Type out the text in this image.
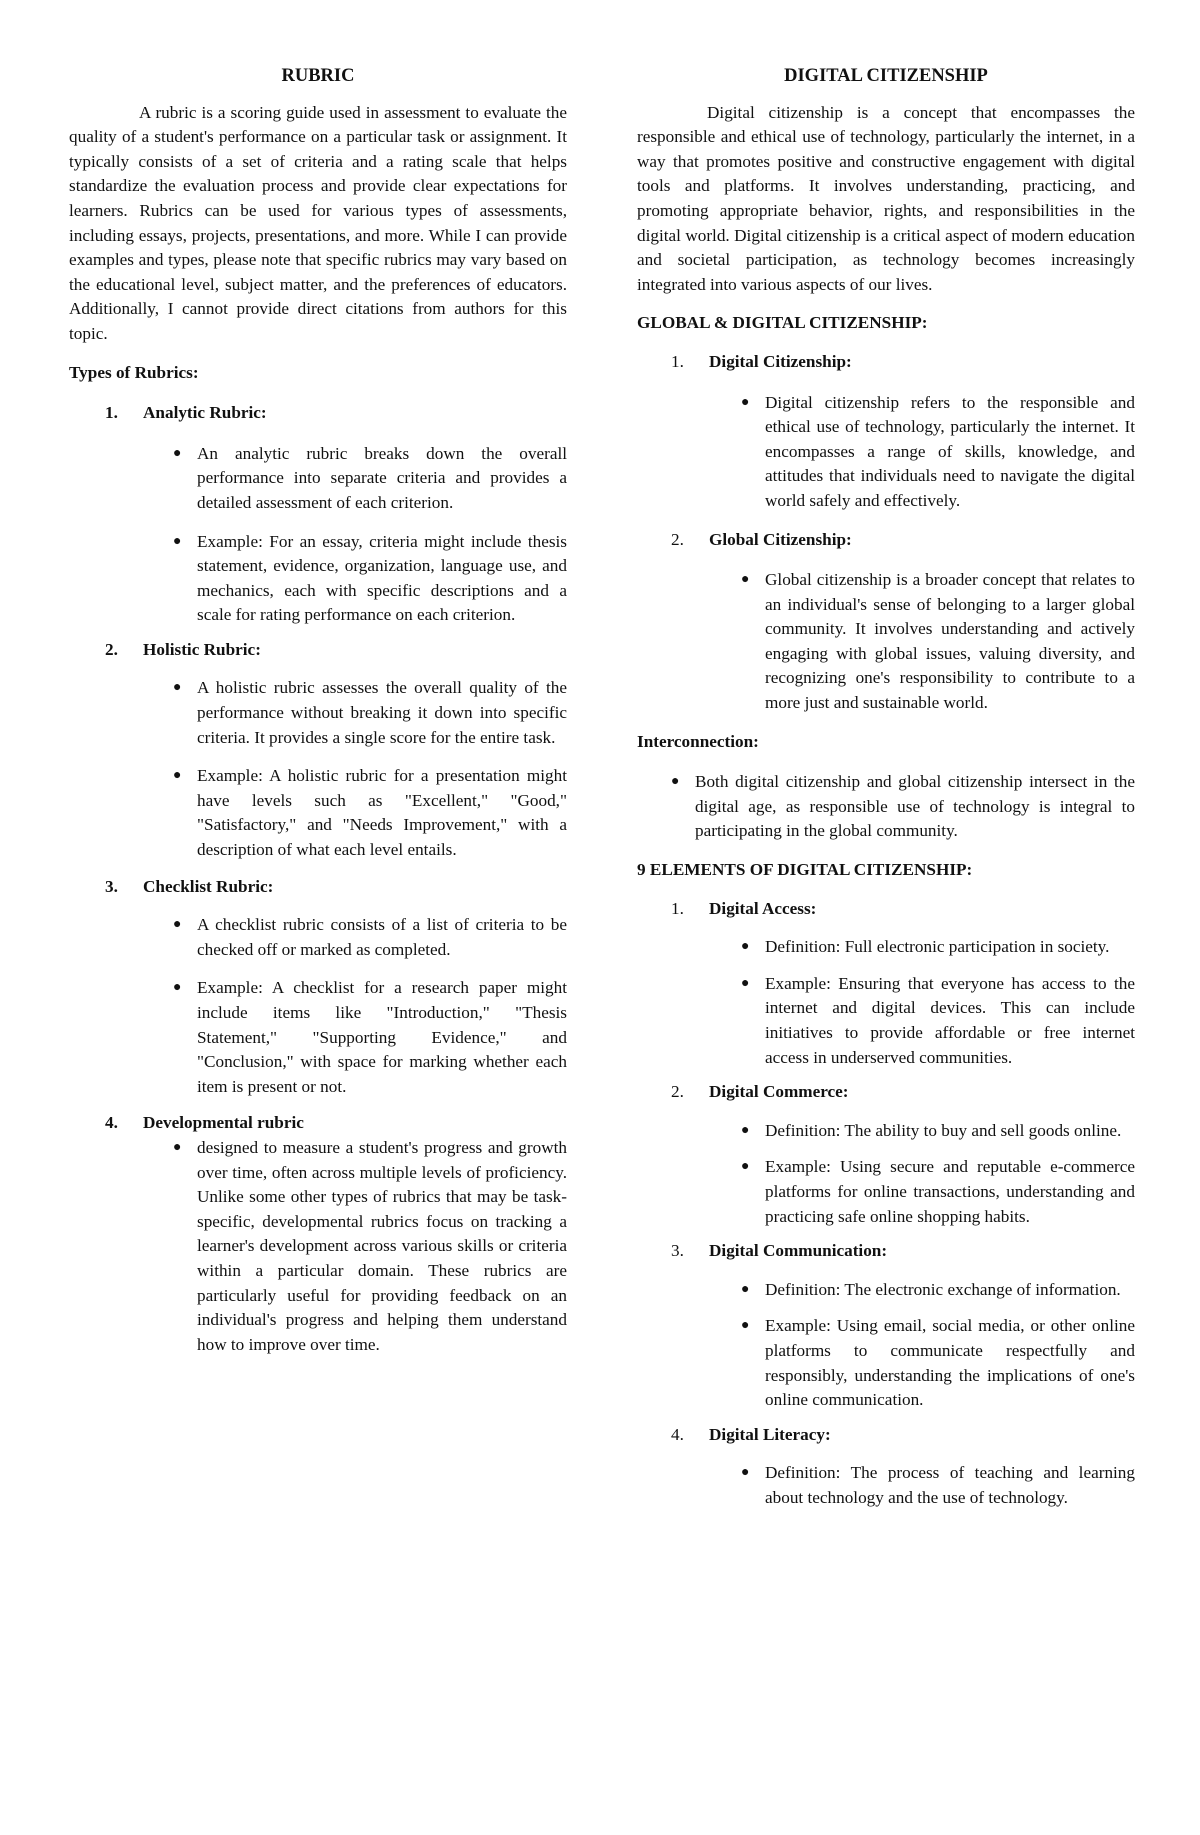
RUBRIC

A rubric is a scoring guide used in assessment to evaluate the quality of a student's performance on a particular task or assignment. It typically consists of a set of criteria and a rating scale that helps standardize the evaluation process and provide clear expectations for learners. Rubrics can be used for various types of assessments, including essays, projects, presentations, and more. While I can provide examples and types, please note that specific rubrics may vary based on the educational level, subject matter, and the preferences of educators. Additionally, I cannot provide direct citations from authors for this topic.

Types of Rubrics:

1.	Analytic Rubric:
● An analytic rubric breaks down the overall performance into separate criteria and provides a detailed assessment of each criterion.
● Example: For an essay, criteria might include thesis statement, evidence, organization, language use, and mechanics, each with specific descriptions and a scale for rating performance on each criterion.
2.	Holistic Rubric:
● A holistic rubric assesses the overall quality of the performance without breaking it down into specific criteria. It provides a single score for the entire task.
● Example: A holistic rubric for a presentation might have levels such as "Excellent," "Good," "Satisfactory," and "Needs Improvement," with a description of what each level entails.
3.	Checklist Rubric:
● A checklist rubric consists of a list of criteria to be checked off or marked as completed.
● Example: A checklist for a research paper might include items like "Introduction," "Thesis Statement," "Supporting Evidence," and "Conclusion," with space for marking whether each item is present or not.
4.	Developmental rubric
● designed to measure a student's progress and growth over time, often across multiple levels of proficiency. Unlike some other types of rubrics that may be task-specific, developmental rubrics focus on tracking a learner's development across various skills or criteria within a particular domain. These rubrics are particularly useful for providing feedback on an individual's progress and helping them understand how to improve over time.
DIGITAL CITIZENSHIP

Digital citizenship is a concept that encompasses the responsible and ethical use of technology, particularly the internet, in a way that promotes positive and constructive engagement with digital tools and platforms. It involves understanding, practicing, and promoting appropriate behavior, rights, and responsibilities in the digital world. Digital citizenship is a critical aspect of modern education and societal participation, as technology becomes increasingly integrated into various aspects of our lives.

GLOBAL & DIGITAL CITIZENSHIP:

1.	Digital Citizenship:
● Digital citizenship refers to the responsible and ethical use of technology, particularly the internet. It encompasses a range of skills, knowledge, and attitudes that individuals need to navigate the digital world safely and effectively.
2.	Global Citizenship:
● Global citizenship is a broader concept that relates to an individual's sense of belonging to a larger global community. It involves understanding and actively engaging with global issues, valuing diversity, and recognizing one's responsibility to contribute to a more just and sustainable world.

Interconnection:

● Both digital citizenship and global citizenship intersect in the digital age, as responsible use of technology is integral to participating in the global community.

9 ELEMENTS OF DIGITAL CITIZENSHIP:

1.	Digital Access:
● Definition: Full electronic participation in society.
● Example: Ensuring that everyone has access to the internet and digital devices. This can include initiatives to provide affordable or free internet access in underserved communities.
2.	Digital Commerce:
● Definition: The ability to buy and sell goods online.
● Example: Using secure and reputable e-commerce platforms for online transactions, understanding and practicing safe online shopping habits.
3.	Digital Communication:
● Definition: The electronic exchange of information.
● Example: Using email, social media, or other online platforms to communicate respectfully and responsibly, understanding the implications of one's online communication.
4.	Digital Literacy:
● Definition: The process of teaching and learning about technology and the use of technology.
